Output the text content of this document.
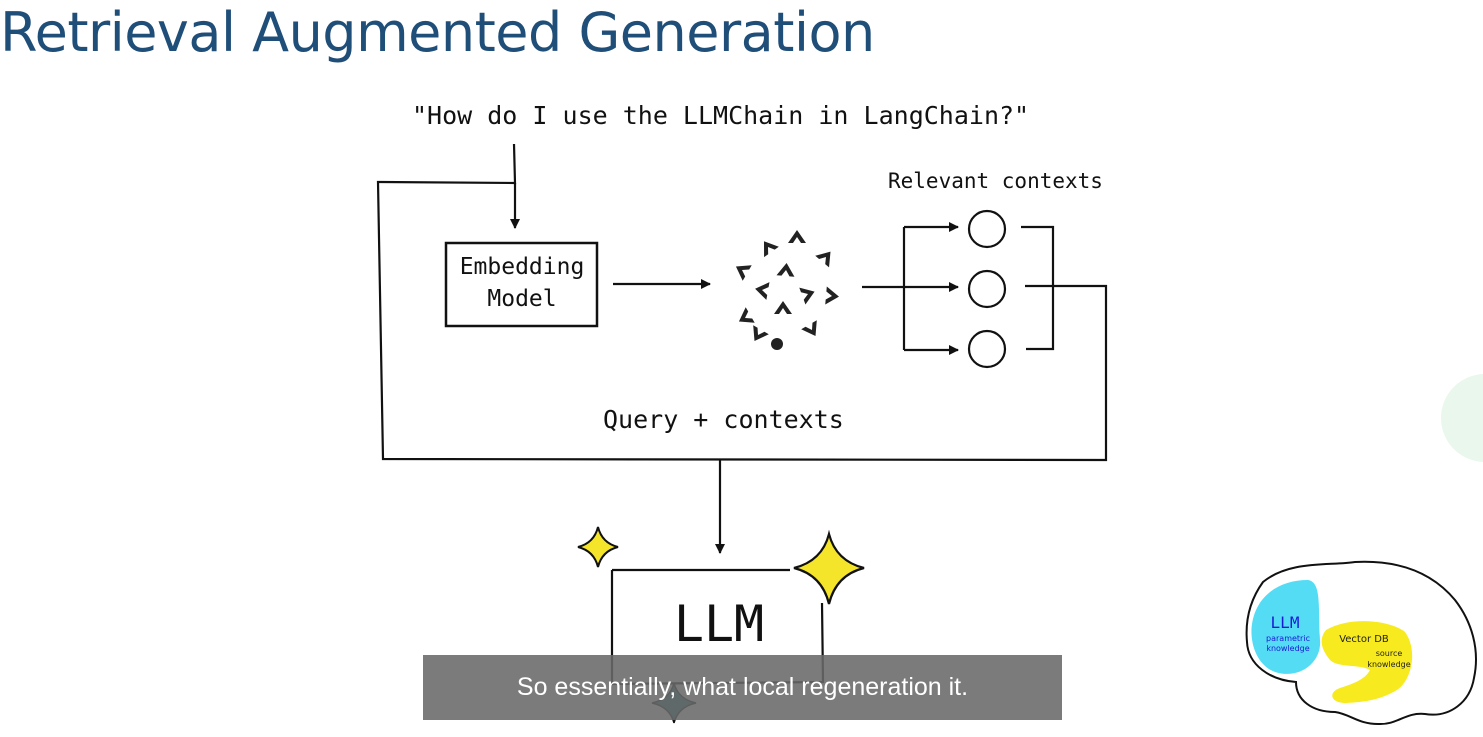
Retrieval Augmented Generation
"How do I use the LLMChain in LangChain?"
Embedding
Model
Relevant contexts
Query + contexts
LLM	LLM
parametric
knowledge
Vector DB
source
knowledge
So essentially, what local regeneration it.
